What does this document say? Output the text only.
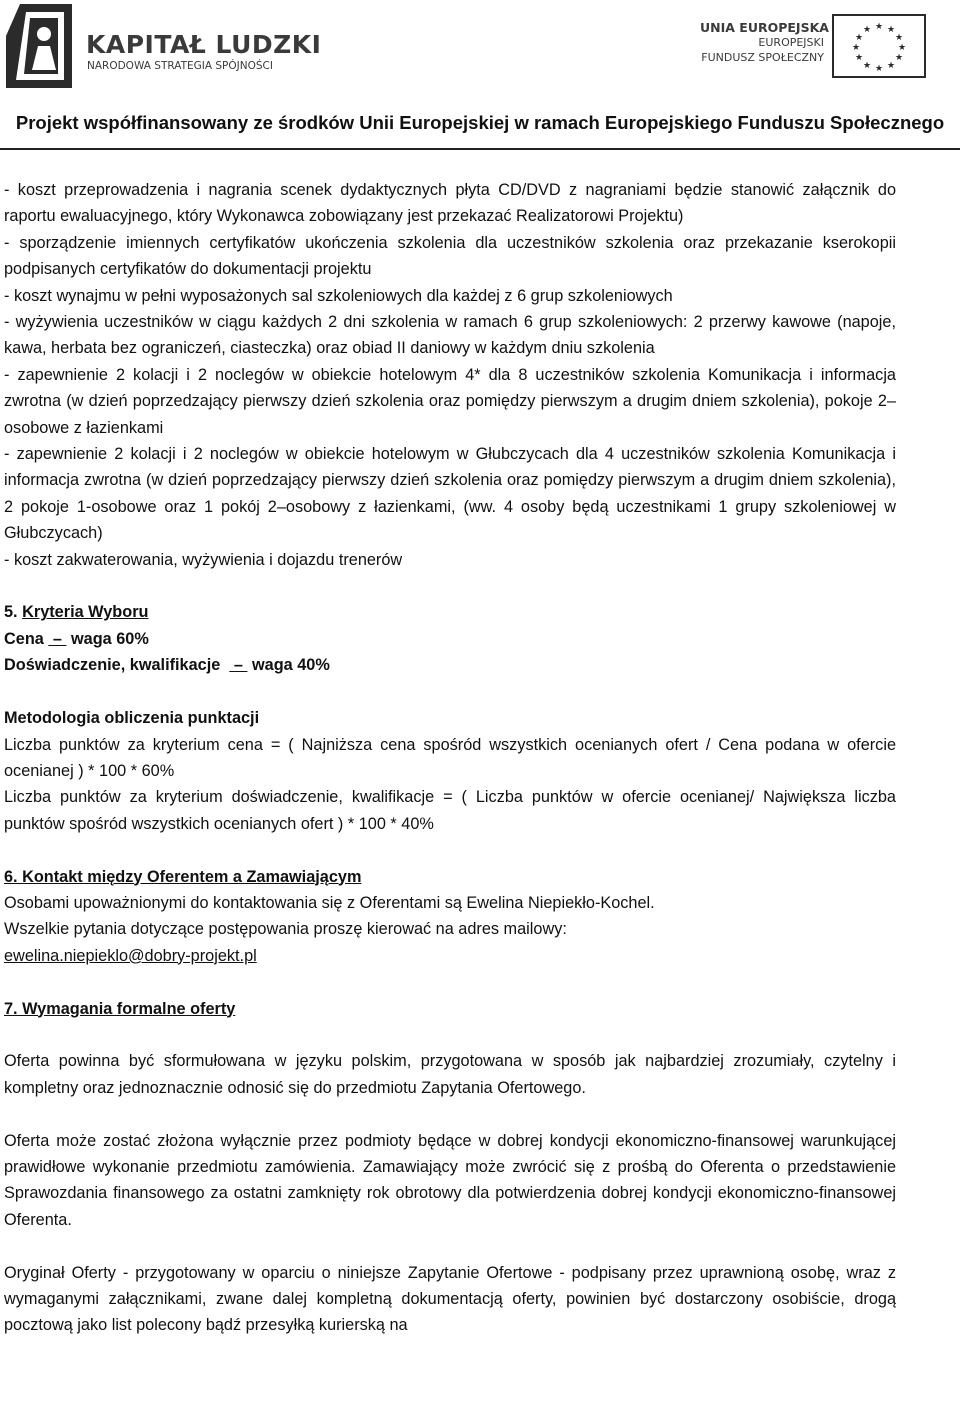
KAPITAŁ LUDZKI
NARODOWA STRATEGIA SPÓJNOŚCI
UNIA EUROPEJSKA
EUROPEJSKI
FUNDUSZ SPOŁECZNY
★ ★
★
★
★
★
★
★
★
★
★
★
Projekt współfinansowany ze środków Unii Europejskiej w ramach Europejskiego Funduszu Społecznego

- koszt przeprowadzenia i nagrania scenek dydaktycznych płyta CD/DVD z nagraniami będzie stanowić załącznik do raportu ewaluacyjnego, który Wykonawca zobowiązany jest przekazać Realizatorowi Projektu)

- sporządzenie imiennych certyfikatów ukończenia szkolenia dla uczestników szkolenia oraz przekazanie kserokopii podpisanych certyfikatów do dokumentacji projektu

- koszt wynajmu w pełni wyposażonych sal szkoleniowych dla każdej z 6 grup szkoleniowych

- wyżywienia uczestników w ciągu każdych 2 dni szkolenia w ramach 6 grup szkoleniowych: 2 przerwy kawowe (napoje, kawa, herbata bez ograniczeń, ciasteczka) oraz obiad II daniowy w każdym dniu szkolenia

- zapewnienie 2 kolacji i 2 noclegów w obiekcie hotelowym 4* dla 8 uczestników szkolenia Komunikacja i informacja zwrotna (w dzień poprzedzający pierwszy dzień szkolenia oraz pomiędzy pierwszym a drugim dniem szkolenia), pokoje 2–osobowe z łazienkami

- zapewnienie 2 kolacji i 2 noclegów w obiekcie hotelowym w Głubczycach dla 4 uczestników szkolenia Komunikacja i informacja zwrotna (w dzień poprzedzający pierwszy dzień szkolenia oraz pomiędzy pierwszym a drugim dniem szkolenia), 2 pokoje 1-osobowe oraz 1 pokój 2–osobowy z łazienkami, (ww. 4 osoby będą uczestnikami 1 grupy szkoleniowej w Głubczycach)

- koszt zakwaterowania, wyżywienia i dojazdu trenerów

5. Kryteria Wyboru

Cena  –  waga 60%

Doświadczenie, kwalifikacje   –  waga 40%

Metodologia obliczenia punktacji

Liczba punktów za kryterium cena = ( Najniższa cena spośród wszystkich ocenianych ofert / Cena podana w ofercie ocenianej ) * 100 * 60%

Liczba punktów za kryterium doświadczenie, kwalifikacje = ( Liczba punktów w ofercie ocenianej/ Największa liczba punktów spośród wszystkich ocenianych ofert ) * 100 * 40%

6. Kontakt między Oferentem a Zamawiającym

Osobami upoważnionymi do kontaktowania się z Oferentami są Ewelina Niepiekło-Kochel.

Wszelkie pytania dotyczące postępowania proszę kierować na adres mailowy:

ewelina.niepieklo@dobry-projekt.pl

7. Wymagania formalne oferty

Oferta powinna być sformułowana w języku polskim, przygotowana w sposób jak najbardziej zrozumiały, czytelny i kompletny oraz jednoznacznie odnosić się do przedmiotu Zapytania Ofertowego.

Oferta może zostać złożona wyłącznie przez podmioty będące w dobrej kondycji ekonomiczno-finansowej warunkującej prawidłowe wykonanie przedmiotu zamówienia. Zamawiający może zwrócić się z prośbą do Oferenta o przedstawienie Sprawozdania finansowego za ostatni zamknięty rok obrotowy dla potwierdzenia dobrej kondycji ekonomiczno-finansowej Oferenta.

Oryginał Oferty - przygotowany w oparciu o niniejsze Zapytanie Ofertowe - podpisany przez uprawnioną osobę, wraz z wymaganymi załącznikami, zwane dalej kompletną dokumentacją oferty, powinien być dostarczony osobiście, drogą pocztową jako list polecony bądź przesyłką kurierską na
